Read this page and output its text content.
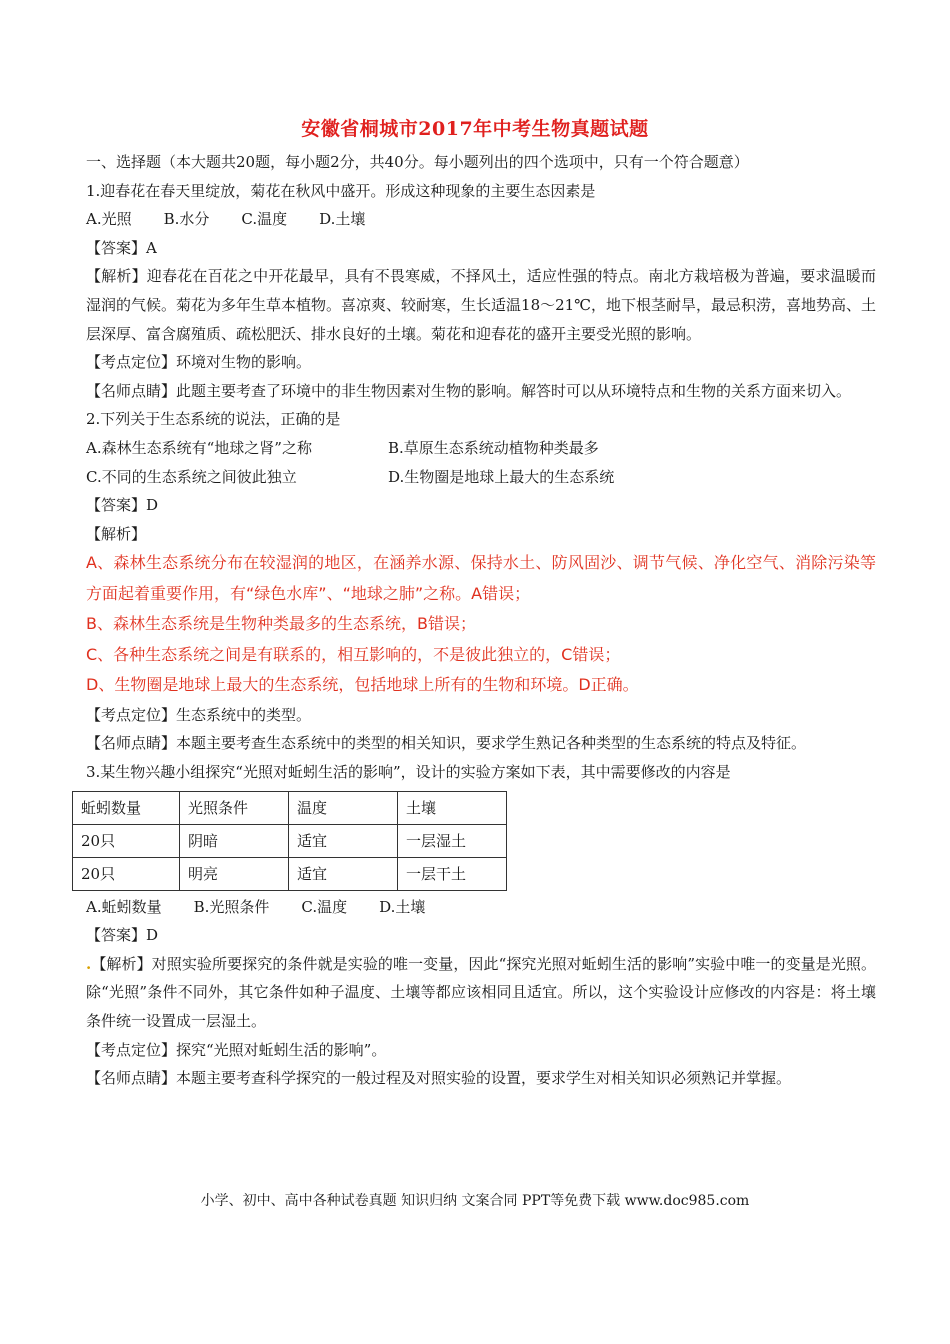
安徽省桐城市2017年中考生物真题试题

一、选择题（本大题共20题，每小题2分，共40分。每小题列出的四个选项中，只有一个符合题意）

1.迎春花在春天里绽放，菊花在秋风中盛开。形成这种现象的主要生态因素是

A.光照 B.水分 C.温度 D.土壤

【答案】A

【解析】迎春花在百花之中开花最早，具有不畏寒威，不择风土，适应性强的特点。南北方栽培极为普遍，要求温暖而湿润的气候。菊花为多年生草本植物。喜凉爽、较耐寒，生长适温18～21℃，地下根茎耐旱，最忌积涝，喜地势高、土层深厚、富含腐殖质、疏松肥沃、排水良好的土壤。菊花和迎春花的盛开主要受光照的影响。

【考点定位】环境对生物的影响。

【名师点睛】此题主要考查了环境中的非生物因素对生物的影响。解答时可以从环境特点和生物的关系方面来切入。

2.下列关于生态系统的说法，正确的是

A.森林生态系统有“地球之肾”之称	B.草原生态系统动植物种类最多
C.不同的生态系统之间彼此独立	D.生物圈是地球上最大的生态系统

【答案】D

【解析】

A、森林生态系统分布在较湿润的地区，在涵养水源、保持水土、防风固沙、调节气候、净化空气、消除污染等方面起着重要作用，有“绿色水库”、“地球之肺”之称。A错误；

B、森林生态系统是生物种类最多的生态系统，B错误；

C、各种生态系统之间是有联系的，相互影响的，不是彼此独立的，C错误；

D、生物圈是地球上最大的生态系统，包括地球上所有的生物和环境。D正确。

【考点定位】生态系统中的类型。

【名师点睛】本题主要考查生态系统中的类型的相关知识，要求学生熟记各种类型的生态系统的特点及特征。

3.某生物兴趣小组探究“光照对蚯蚓生活的影响”，设计的实验方案如下表，其中需要修改的内容是

蚯蚓数量	光照条件	温度	土壤
20只	阴暗	适宜	一层湿土
20只	明亮	适宜	一层干土

A.蚯蚓数量 B.光照条件 C.温度 D.土壤

【答案】D

.【解析】对照实验所要探究的条件就是实验的唯一变量，因此“探究光照对蚯蚓生活的影响”实验中唯一的变量是光照。除“光照”条件不同外，其它条件如种子温度、土壤等都应该相同且适宜。所以，这个实验设计应修改的内容是：将土壤条件统一设置成一层湿土。

【考点定位】探究“光照对蚯蚓生活的影响”。

【名师点睛】本题主要考查科学探究的一般过程及对照实验的设置，要求学生对相关知识必须熟记并掌握。

小学、初中、高中各种试卷真题 知识归纳 文案合同 PPT等免费下载 www.doc985.com
